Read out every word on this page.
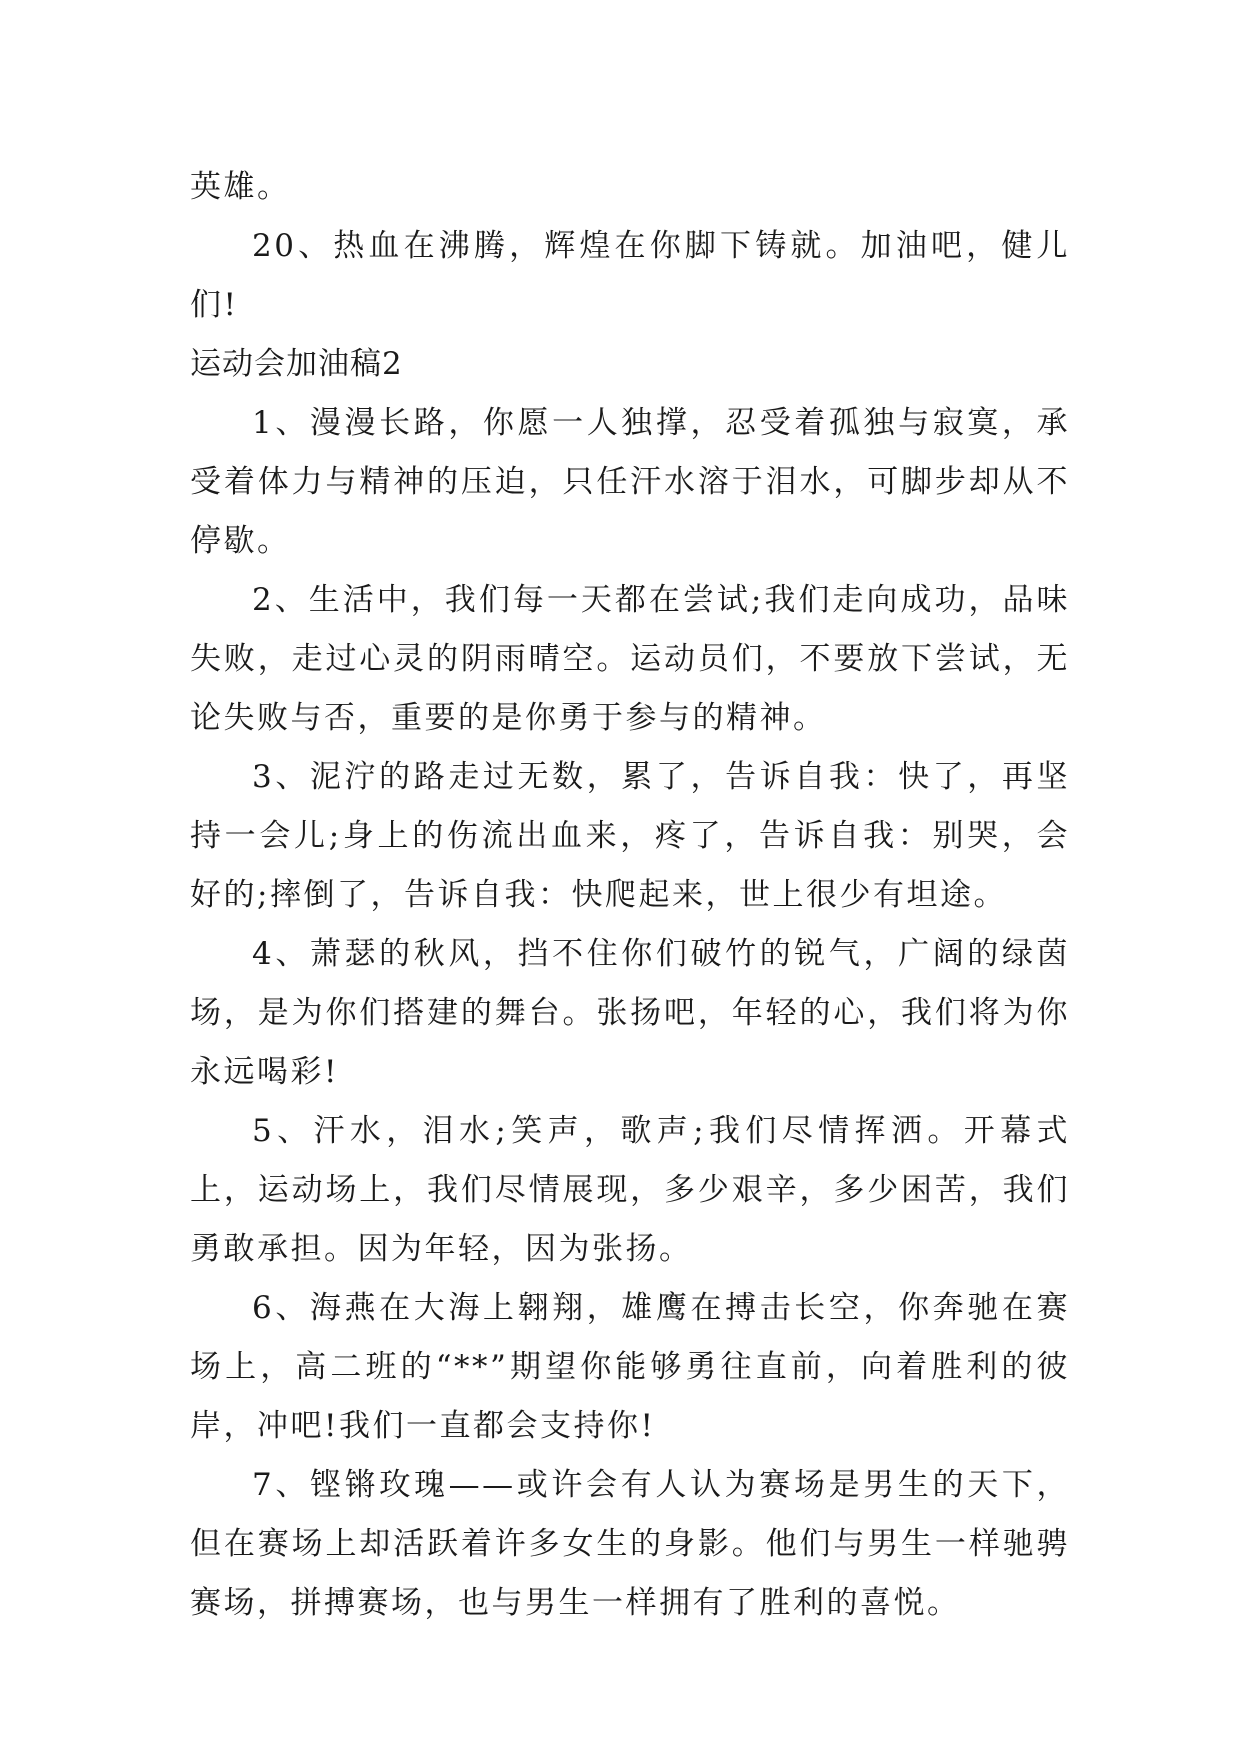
英雄。

20、热血在沸腾，辉煌在你脚下铸就。加油吧，健儿们!

运动会加油稿2

1、漫漫长路，你愿一人独撑，忍受着孤独与寂寞，承受着体力与精神的压迫，只任汗水溶于泪水，可脚步却从不停歇。

2、生活中，我们每一天都在尝试;我们走向成功，品味失败，走过心灵的阴雨晴空。运动员们，不要放下尝试，无论失败与否，重要的是你勇于参与的精神。

3、泥泞的路走过无数，累了，告诉自我：快了，再坚持一会儿;身上的伤流出血来，疼了，告诉自我：别哭，会好的;摔倒了，告诉自我：快爬起来，世上很少有坦途。

4、萧瑟的秋风，挡不住你们破竹的锐气，广阔的绿茵场，是为你们搭建的舞台。张扬吧，年轻的心，我们将为你永远喝彩!

5、汗水，泪水;笑声，歌声;我们尽情挥洒。开幕式上，运动场上，我们尽情展现，多少艰辛，多少困苦，我们勇敢承担。因为年轻，因为张扬。

6、海燕在大海上翱翔，雄鹰在搏击长空，你奔驰在赛场上，高二班的“**”期望你能够勇往直前，向着胜利的彼岸，冲吧!我们一直都会支持你!

7、铿锵玫瑰——或许会有人认为赛场是男生的天下，但在赛场上却活跃着许多女生的身影。他们与男生一样驰骋赛场，拼搏赛场，也与男生一样拥有了胜利的喜悦。
